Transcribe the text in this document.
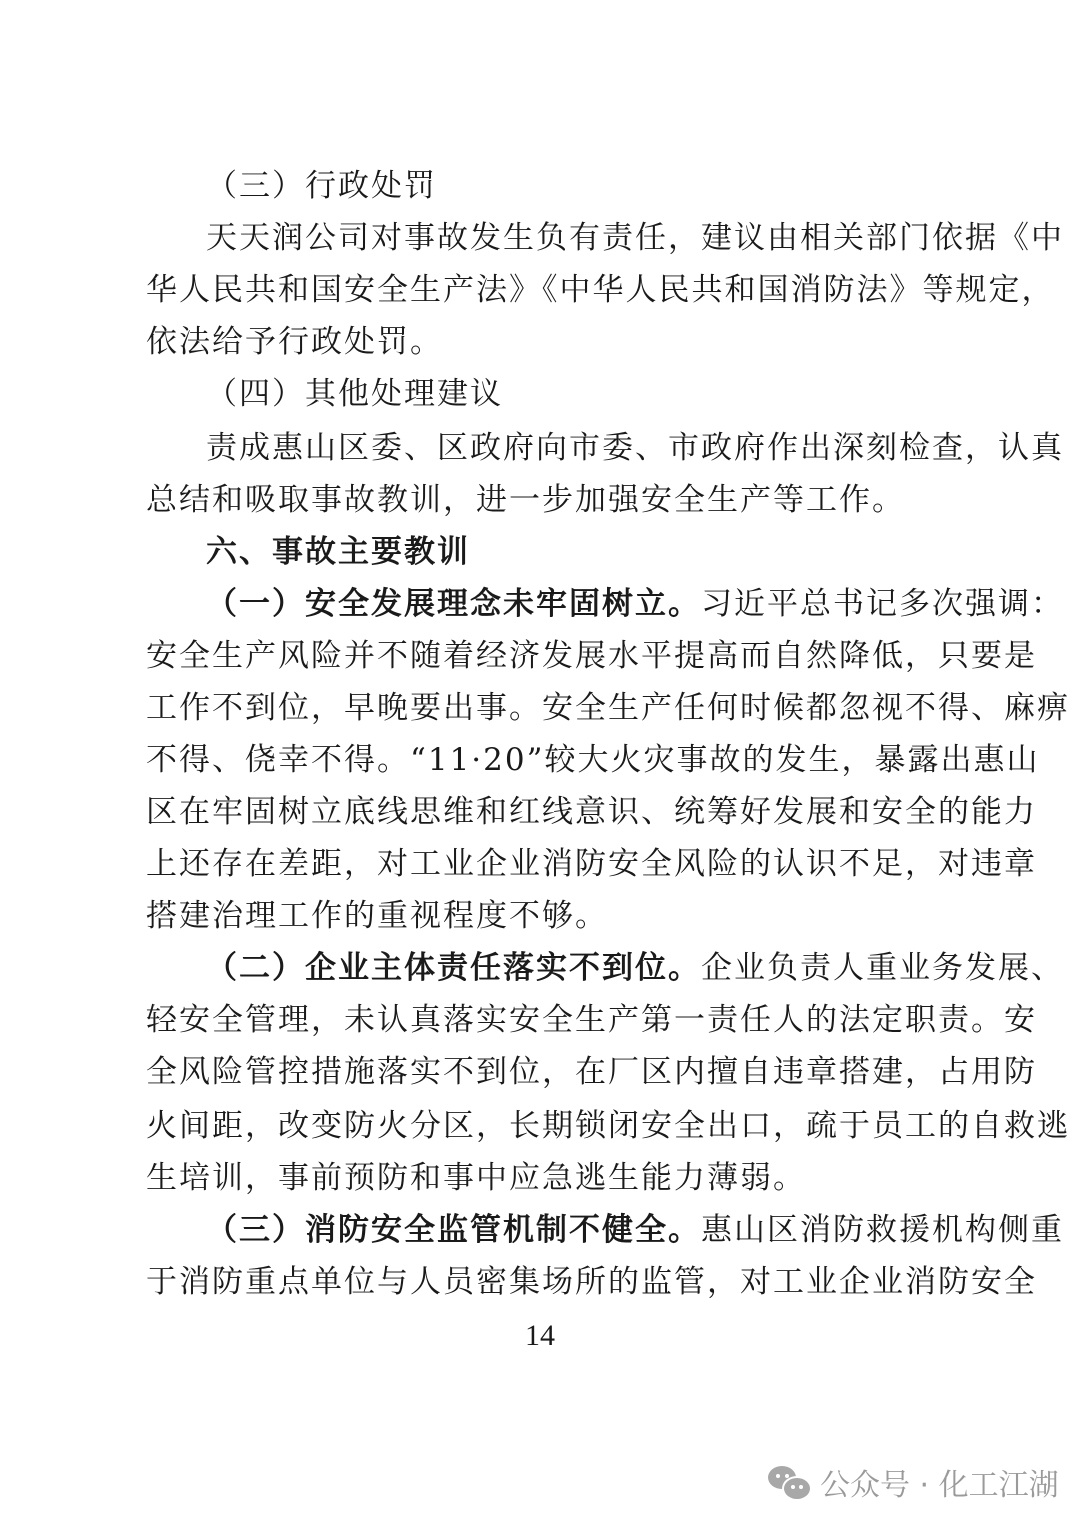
（三）行政处罚
天天润公司对事故发生负有责任，建议由相关部门依据《中
华人民共和国安全生产法》《中华人民共和国消防法》等规定，
依法给予行政处罚。
（四）其他处理建议
责成惠山区委、区政府向市委、市政府作出深刻检查，认真
总结和吸取事故教训，进一步加强安全生产等工作。
六、事故主要教训
（一）安全发展理念未牢固树立。习近平总书记多次强调：
安全生产风险并不随着经济发展水平提高而自然降低，只要是
工作不到位，早晚要出事。安全生产任何时候都忽视不得、麻痹
不得、侥幸不得。“11·20”较大火灾事故的发生，暴露出惠山
区在牢固树立底线思维和红线意识、统筹好发展和安全的能力
上还存在差距，对工业企业消防安全风险的认识不足，对违章
搭建治理工作的重视程度不够。
（二）企业主体责任落实不到位。企业负责人重业务发展、
轻安全管理，未认真落实安全生产第一责任人的法定职责。安
全风险管控措施落实不到位，在厂区内擅自违章搭建，占用防
火间距，改变防火分区，长期锁闭安全出口，疏于员工的自救逃
生培训，事前预防和事中应急逃生能力薄弱。
（三）消防安全监管机制不健全。惠山区消防救援机构侧重
于消防重点单位与人员密集场所的监管，对工业企业消防安全
14
公众号 · 化工江湖
